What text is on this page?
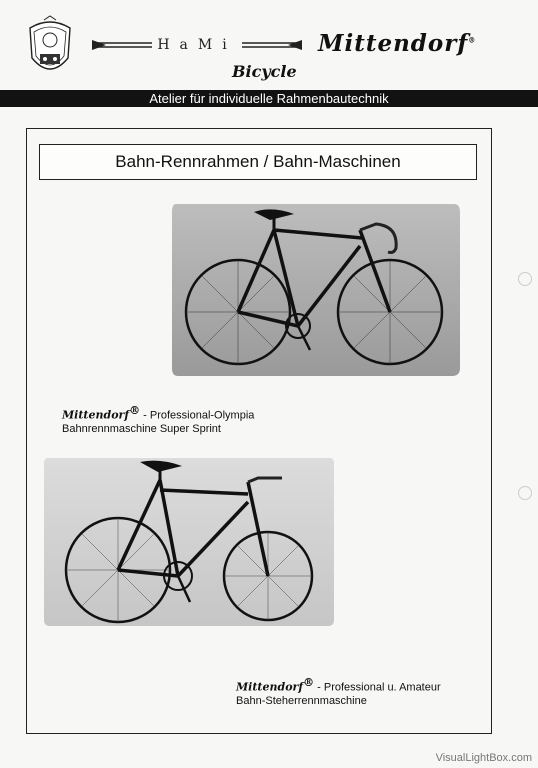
HaMi	Mittendorf®
Bicycle
Atelier für individuelle Rahmenbautechnik
Bahn-Rennrahmen / Bahn-Maschinen
Mittendorf® - Professional-Olympia
Bahnrennmaschine Super Sprint
Mittendorf® - Professional u. Amateur
Bahn-Steherrennmaschine
VisualLightBox.com
